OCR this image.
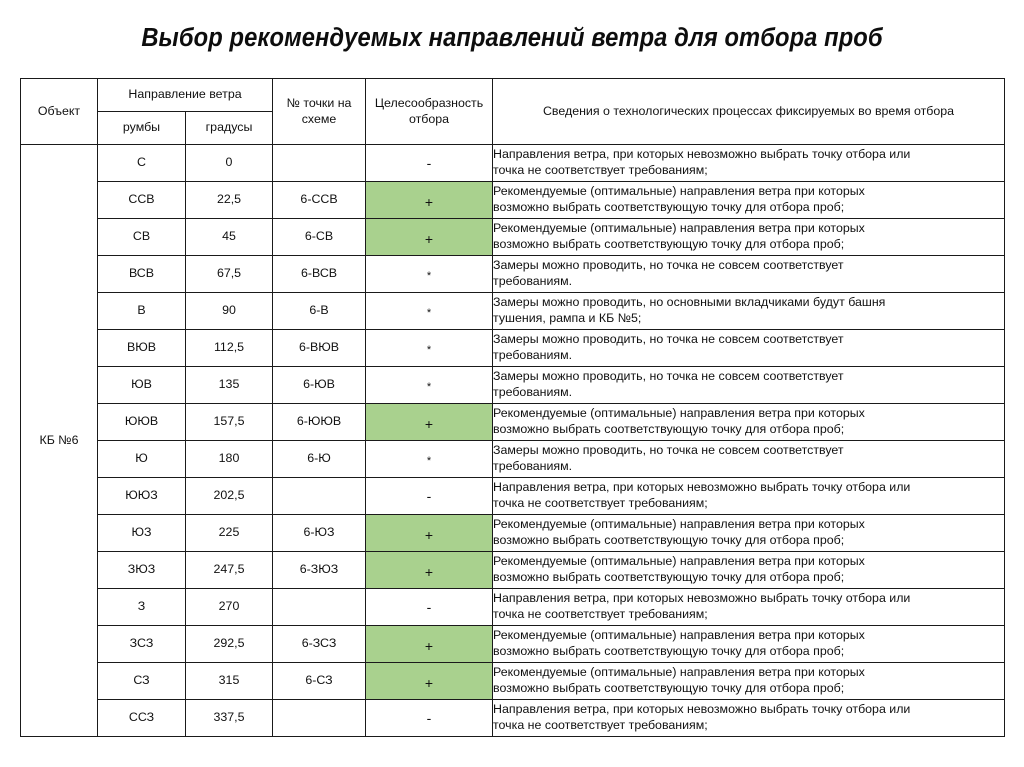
Выбор рекомендуемых направлений ветра для отбора проб
Объект	Направление ветра		№ точки на
схеме	Целесообразность
отбора	Сведения о технологических процессах фиксируемых во время отбора
	румбы	градусы			
КБ №6	С	0		-	Направления ветра, при которых невозможно выбрать точку отбора или
точка не соответствует требованиям;

	ССВ	22,5	6-ССВ	+	Рекомендуемые (оптимальные) направления ветра при которых
возможно выбрать соответствующую точку для отбора проб;

	СВ	45	6-СВ	+	Рекомендуемые (оптимальные) направления ветра при которых
возможно выбрать соответствующую точку для отбора проб;

	ВСВ	67,5	6-ВСВ	*	Замеры можно проводить, но точка не совсем соответствует
требованиям.

	В	90	6-В	*	Замеры можно проводить, но основными вкладчиками будут башня
тушения, рампа и КБ №5;

	ВЮВ	112,5	6-ВЮВ	*	Замеры можно проводить, но точка не совсем соответствует
требованиям.

	ЮВ	135	6-ЮВ	*	Замеры можно проводить, но точка не совсем соответствует
требованиям.

	ЮЮВ	157,5	6-ЮЮВ	+	Рекомендуемые (оптимальные) направления ветра при которых
возможно выбрать соответствующую точку для отбора проб;

	Ю	180	6-Ю	*	Замеры можно проводить, но точка не совсем соответствует
требованиям.

	ЮЮЗ	202,5		-	Направления ветра, при которых невозможно выбрать точку отбора или
точка не соответствует требованиям;

	ЮЗ	225	6-ЮЗ	+	Рекомендуемые (оптимальные) направления ветра при которых
возможно выбрать соответствующую точку для отбора проб;

	ЗЮЗ	247,5	6-ЗЮЗ	+	Рекомендуемые (оптимальные) направления ветра при которых
возможно выбрать соответствующую точку для отбора проб;

	З	270		-	Направления ветра, при которых невозможно выбрать точку отбора или
точка не соответствует требованиям;

	ЗСЗ	292,5	6-ЗСЗ	+	Рекомендуемые (оптимальные) направления ветра при которых
возможно выбрать соответствующую точку для отбора проб;

	СЗ	315	6-СЗ	+	Рекомендуемые (оптимальные) направления ветра при которых
возможно выбрать соответствующую точку для отбора проб;

	ССЗ	337,5		-	Направления ветра, при которых невозможно выбрать точку отбора или
точка не соответствует требованиям;
